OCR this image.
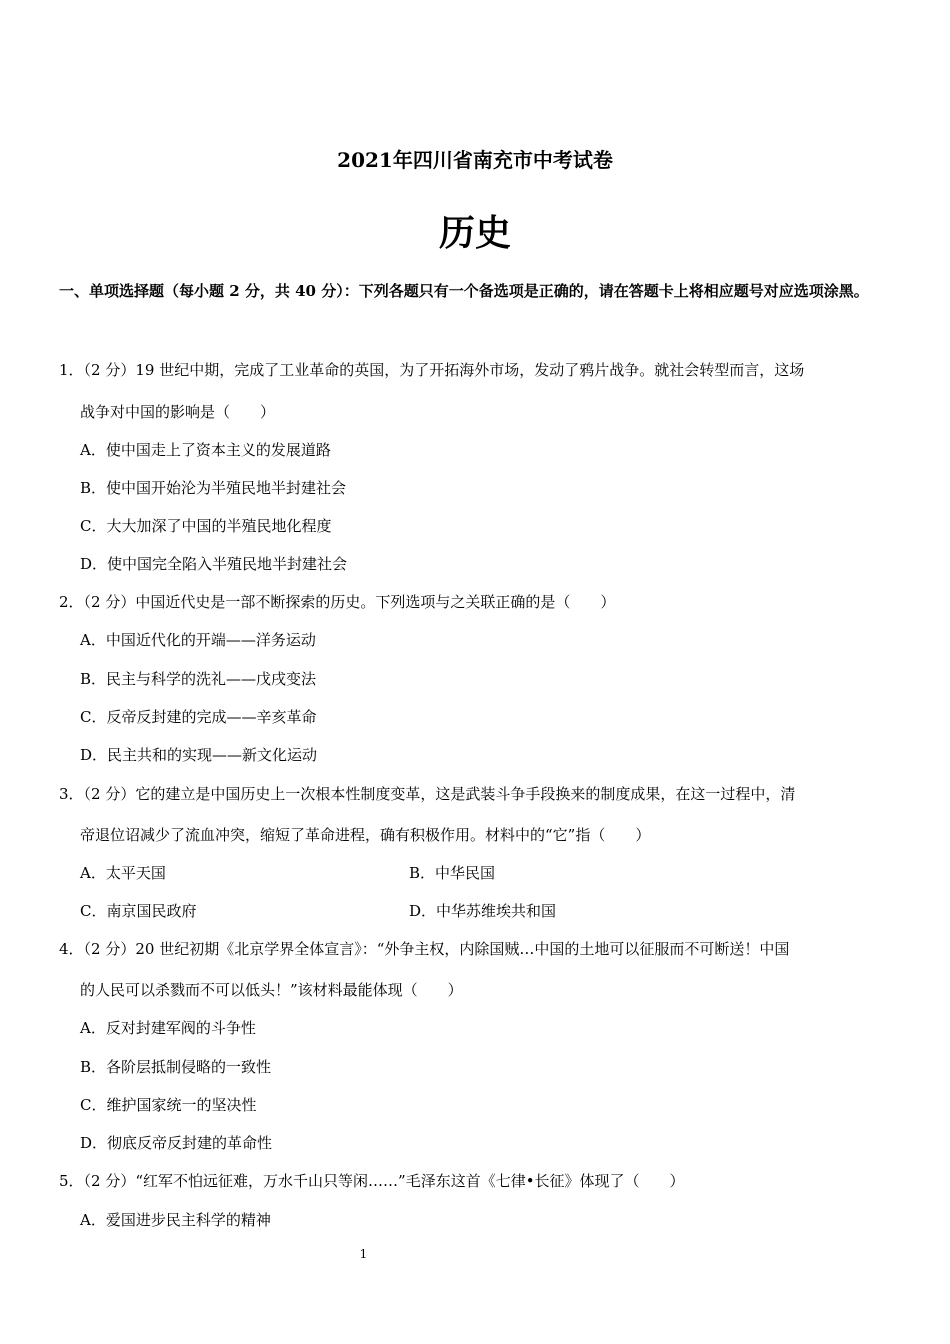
2021年四川省南充市中考试卷
历史
一、单项选择题（每小题 2 分，共 40 分）：下列各题只有一个备选项是正确的，请在答题卡上将相应题号对应选项涂黑。
1．（2 分）19 世纪中期，完成了工业革命的英国，为了开拓海外市场，发动了鸦片战争。就社会转型而言，这场
战争对中国的影响是（　　）
A．使中国走上了资本主义的发展道路
B．使中国开始沦为半殖民地半封建社会
C．大大加深了中国的半殖民地化程度
D．使中国完全陷入半殖民地半封建社会
2．（2 分）中国近代史是一部不断探索的历史。下列选项与之关联正确的是（　　）
A．中国近代化的开端——洋务运动
B．民主与科学的洗礼——戊戌变法
C．反帝反封建的完成——辛亥革命
D．民主共和的实现——新文化运动
3．（2 分）它的建立是中国历史上一次根本性制度变革，这是武装斗争手段换来的制度成果，在这一过程中，清
帝退位诏减少了流血冲突，缩短了革命进程，确有积极作用。材料中的“它”指（　　）
A．太平天国	B．中华民国
C．南京国民政府	D．中华苏维埃共和国
4．（2 分）20 世纪初期《北京学界全体宣言》：“外争主权，内除国贼…中国的土地可以征服而不可断送！中国
的人民可以杀戮而不可以低头！”该材料最能体现（　　）
A．反对封建军阀的斗争性
B．各阶层抵制侵略的一致性
C．维护国家统一的坚决性
D．彻底反帝反封建的革命性
5．（2 分）“红军不怕远征难，万水千山只等闲……”毛泽东这首《七律•长征》体现了（　　）
A．爱国进步民主科学的精神
1
